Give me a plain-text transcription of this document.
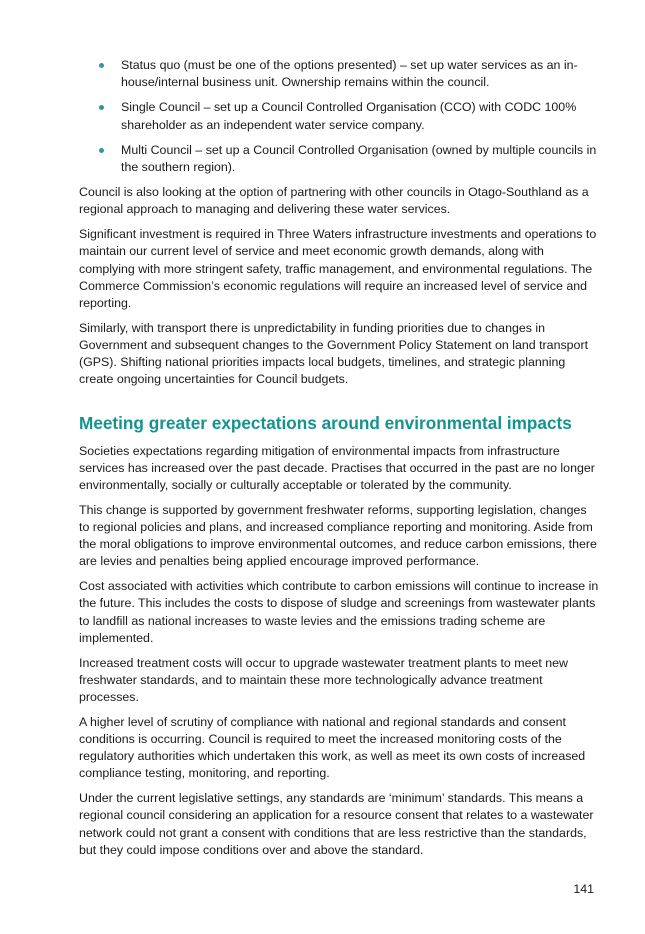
Status quo (must be one of the options presented) – set up water services as an in-house/internal business unit. Ownership remains within the council.
Single Council – set up a Council Controlled Organisation (CCO) with CODC 100% shareholder as an independent water service company.
Multi Council – set up a Council Controlled Organisation (owned by multiple councils in the southern region).

Council is also looking at the option of partnering with other councils in Otago-Southland as a regional approach to managing and delivering these water services.

Significant investment is required in Three Waters infrastructure investments and operations to maintain our current level of service and meet economic growth demands, along with complying with more stringent safety, traffic management, and environmental regulations. The Commerce Commission’s economic regulations will require an increased level of service and reporting.

Similarly, with transport there is unpredictability in funding priorities due to changes in Government and subsequent changes to the Government Policy Statement on land transport (GPS). Shifting national priorities impacts local budgets, timelines, and strategic planning create ongoing uncertainties for Council budgets.

Meeting greater expectations around environmental impacts

Societies expectations regarding mitigation of environmental impacts from infrastructure services has increased over the past decade. Practises that occurred in the past are no longer environmentally, socially or culturally acceptable or tolerated by the community.

This change is supported by government freshwater reforms, supporting legislation, changes to regional policies and plans, and increased compliance reporting and monitoring. Aside from the moral obligations to improve environmental outcomes, and reduce carbon emissions, there are levies and penalties being applied encourage improved performance.

Cost associated with activities which contribute to carbon emissions will continue to increase in the future. This includes the costs to dispose of sludge and screenings from wastewater plants to landfill as national increases to waste levies and the emissions trading scheme are implemented.

Increased treatment costs will occur to upgrade wastewater treatment plants to meet new freshwater standards, and to maintain these more technologically advance treatment processes.

A higher level of scrutiny of compliance with national and regional standards and consent conditions is occurring. Council is required to meet the increased monitoring costs of the regulatory authorities which undertaken this work, as well as meet its own costs of increased compliance testing, monitoring, and reporting.

Under the current legislative settings, any standards are ‘minimum’ standards. This means a regional council considering an application for a resource consent that relates to a wastewater network could not grant a consent with conditions that are less restrictive than the standards, but they could impose conditions over and above the standard.

141
